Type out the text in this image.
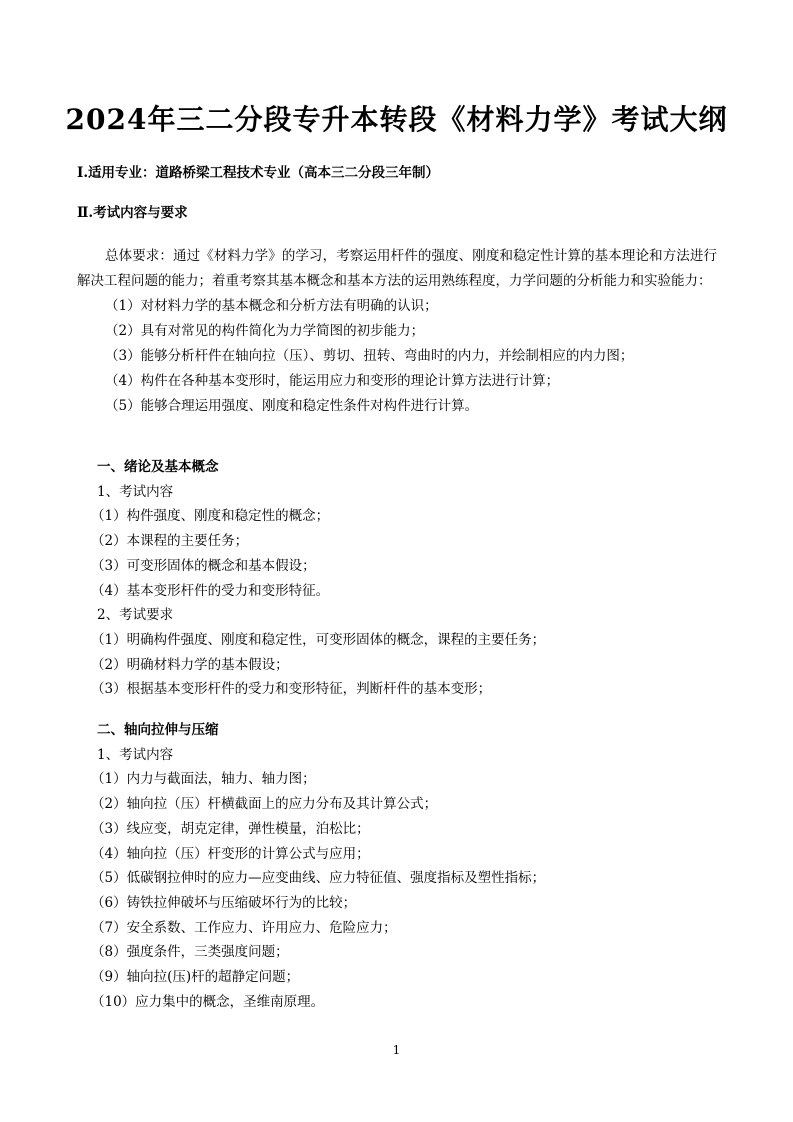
2024年三二分段专升本转段《材料力学》考试大纲
Ⅰ.适用专业：道路桥梁工程技术专业（高本三二分段三年制）
Ⅱ.考试内容与要求

总体要求：通过《材料力学》的学习，考察运用杆件的强度、刚度和稳定性计算的基本理论和方法进行解决工程问题的能力；着重考察其基本概念和基本方法的运用熟练程度，力学问题的分析能力和实验能力：

（1）对材料力学的基本概念和分析方法有明确的认识；

（2）具有对常见的构件简化为力学简图的初步能力；

（3）能够分析杆件在轴向拉（压）、剪切、扭转、弯曲时的内力，并绘制相应的内力图；

（4）构件在各种基本变形时，能运用应力和变形的理论计算方法进行计算；

（5）能够合理运用强度、刚度和稳定性条件对构件进行计算。

一、绪论及基本概念

1、考试内容

（1）构件强度、刚度和稳定性的概念；

（2）本课程的主要任务；

（3）可变形固体的概念和基本假设；

（4）基本变形杆件的受力和变形特征。

2、考试要求

（1）明确构件强度、刚度和稳定性，可变形固体的概念，课程的主要任务；

（2）明确材料力学的基本假设；

（3）根据基本变形杆件的受力和变形特征，判断杆件的基本变形；

二、轴向拉伸与压缩

1、考试内容

（1）内力与截面法，轴力、轴力图；

（2）轴向拉（压）杆横截面上的应力分布及其计算公式；

（3）线应变，胡克定律，弹性模量，泊松比；

（4）轴向拉（压）杆变形的计算公式与应用；

（5）低碳钢拉伸时的应力—应变曲线、应力特征值、强度指标及塑性指标；

（6）铸铁拉伸破坏与压缩破坏行为的比较；

（7）安全系数、工作应力、许用应力、危险应力；

（8）强度条件，三类强度问题；

（9）轴向拉(压)杆的超静定问题；

（10）应力集中的概念，圣维南原理。

1
